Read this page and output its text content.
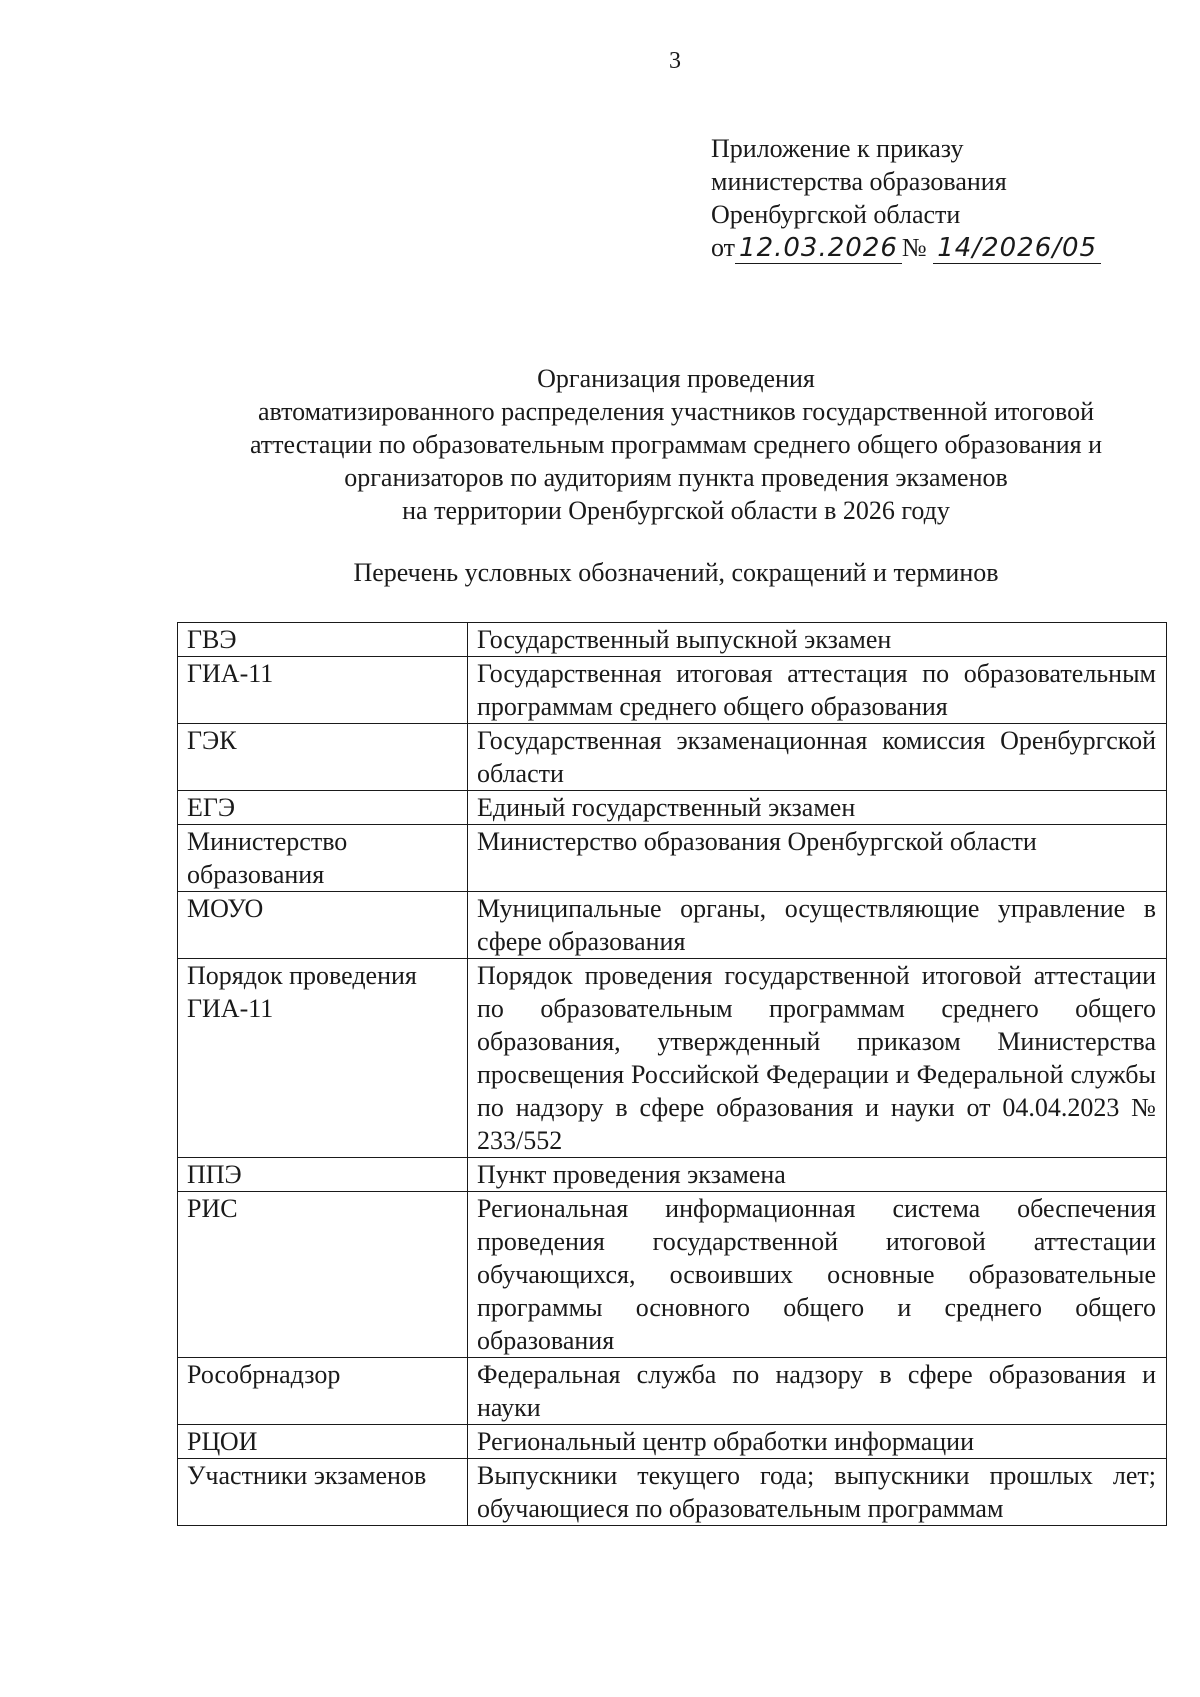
3
Приложение к приказу
министерства образования
Оренбургской области
от 12.03.2026 № 14/2026/05
Организация проведения
автоматизированного распределения участников государственной итоговой
аттестации по образовательным программам среднего общего образования и
организаторов по аудиториям пункта проведения экзаменов
на территории Оренбургской области в 2026 году
Перечень условных обозначений, сокращений и терминов
ГВЭ	Государственный выпускной экзамен
ГИА-11	Государственная итоговая аттестация по образовательным программам среднего общего образования
ГЭК	Государственная экзаменационная комиссия Оренбургской области
ЕГЭ	Единый государственный экзамен
Министерство образования	Министерство образования Оренбургской области
МОУО	Муниципальные органы, осуществляющие управление в сфере образования
Порядок проведения ГИА-11	Порядок проведения государственной итоговой аттестации по образовательным программам среднего общего образования, утвержденный приказом Министерства просвещения Российской Федерации и Федеральной службы по надзору в сфере образования и науки от 04.04.2023 № 233/552
ППЭ	Пункт проведения экзамена
РИС	Региональная информационная система обеспечения проведения государственной итоговой аттестации обучающихся, освоивших основные образовательные программы основного общего и среднего общего образования
Рособрнадзор	Федеральная служба по надзору в сфере образования и науки
РЦОИ	Региональный центр обработки информации
Участники экзаменов	Выпускники текущего года; выпускники прошлых лет; обучающиеся по образовательным программам
